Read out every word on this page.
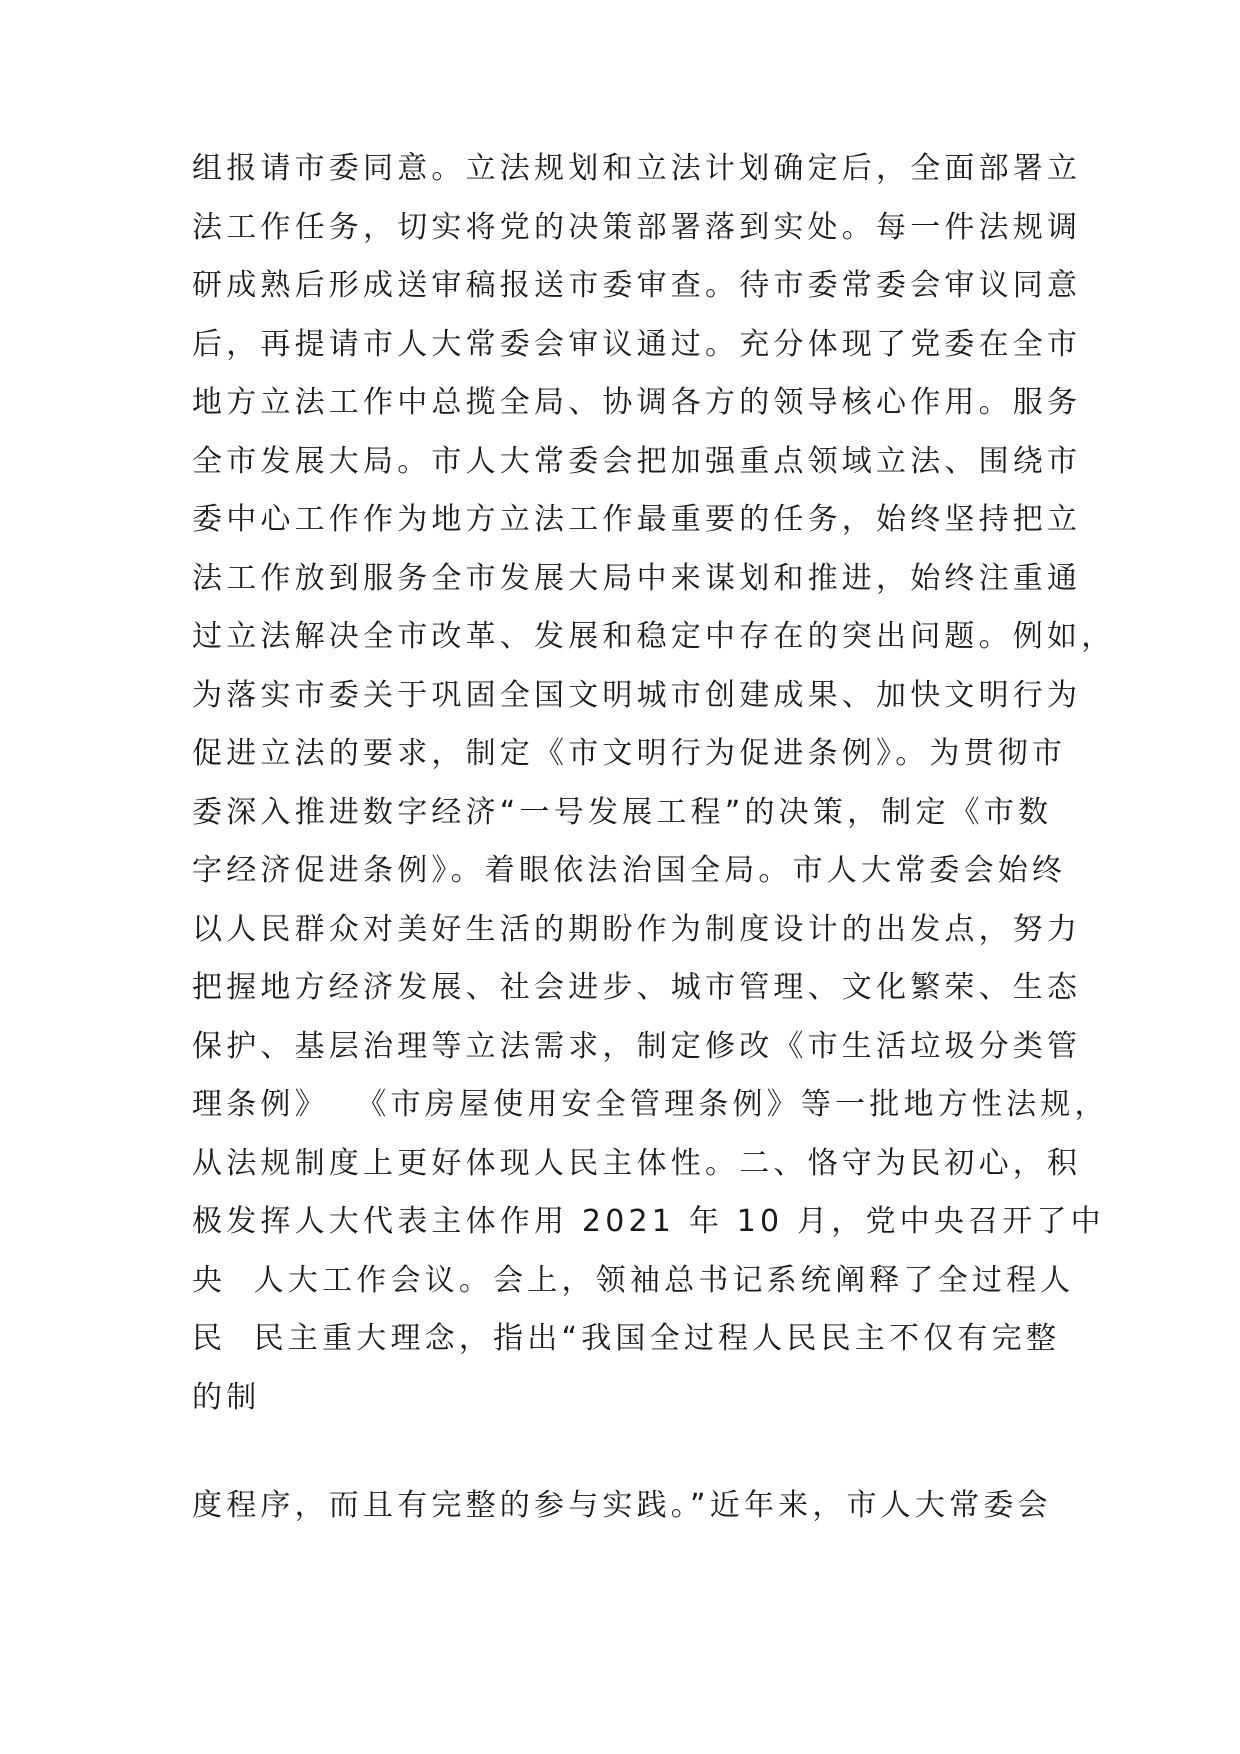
组报请市委同意。立法规划和立法计划确定后，全面部署立
法工作任务，切实将党的决策部署落到实处。每一件法规调
研成熟后形成送审稿报送市委审查。待市委常委会审议同意
后，再提请市人大常委会审议通过。充分体现了党委在全市
地方立法工作中总揽全局、协调各方的领导核心作用。服务
全市发展大局。市人大常委会把加强重点领域立法、围绕市
委中心工作作为地方立法工作最重要的任务，始终坚持把立
法工作放到服务全市发展大局中来谋划和推进，始终注重通
过立法解决全市改革、发展和稳定中存在的突出问题。例如，
为落实市委关于巩固全国文明城市创建成果、加快文明行为
促进立法的要求，制定《市文明行为促进条例》。为贯彻市
委深入推进数字经济“一号发展工程”的决策，制定《市数
字经济促进条例》。着眼依法治国全局。市人大常委会始终
以人民群众对美好生活的期盼作为制度设计的出发点，努力
把握地方经济发展、社会进步、城市管理、文化繁荣、生态
保护、基层治理等立法需求，制定修改《市生活垃圾分类管
理条例》  《市房屋使用安全管理条例》等一批地方性法规，
从法规制度上更好体现人民主体性。二、恪守为民初心，积
极发挥人大代表主体作用 2021 年 10 月，党中央召开了中
央  人大工作会议。会上，领袖总书记系统阐释了全过程人
民  民主重大理念，指出“我国全过程人民民主不仅有完整
的制
度程序，而且有完整的参与实践。”近年来，市人大常委会
